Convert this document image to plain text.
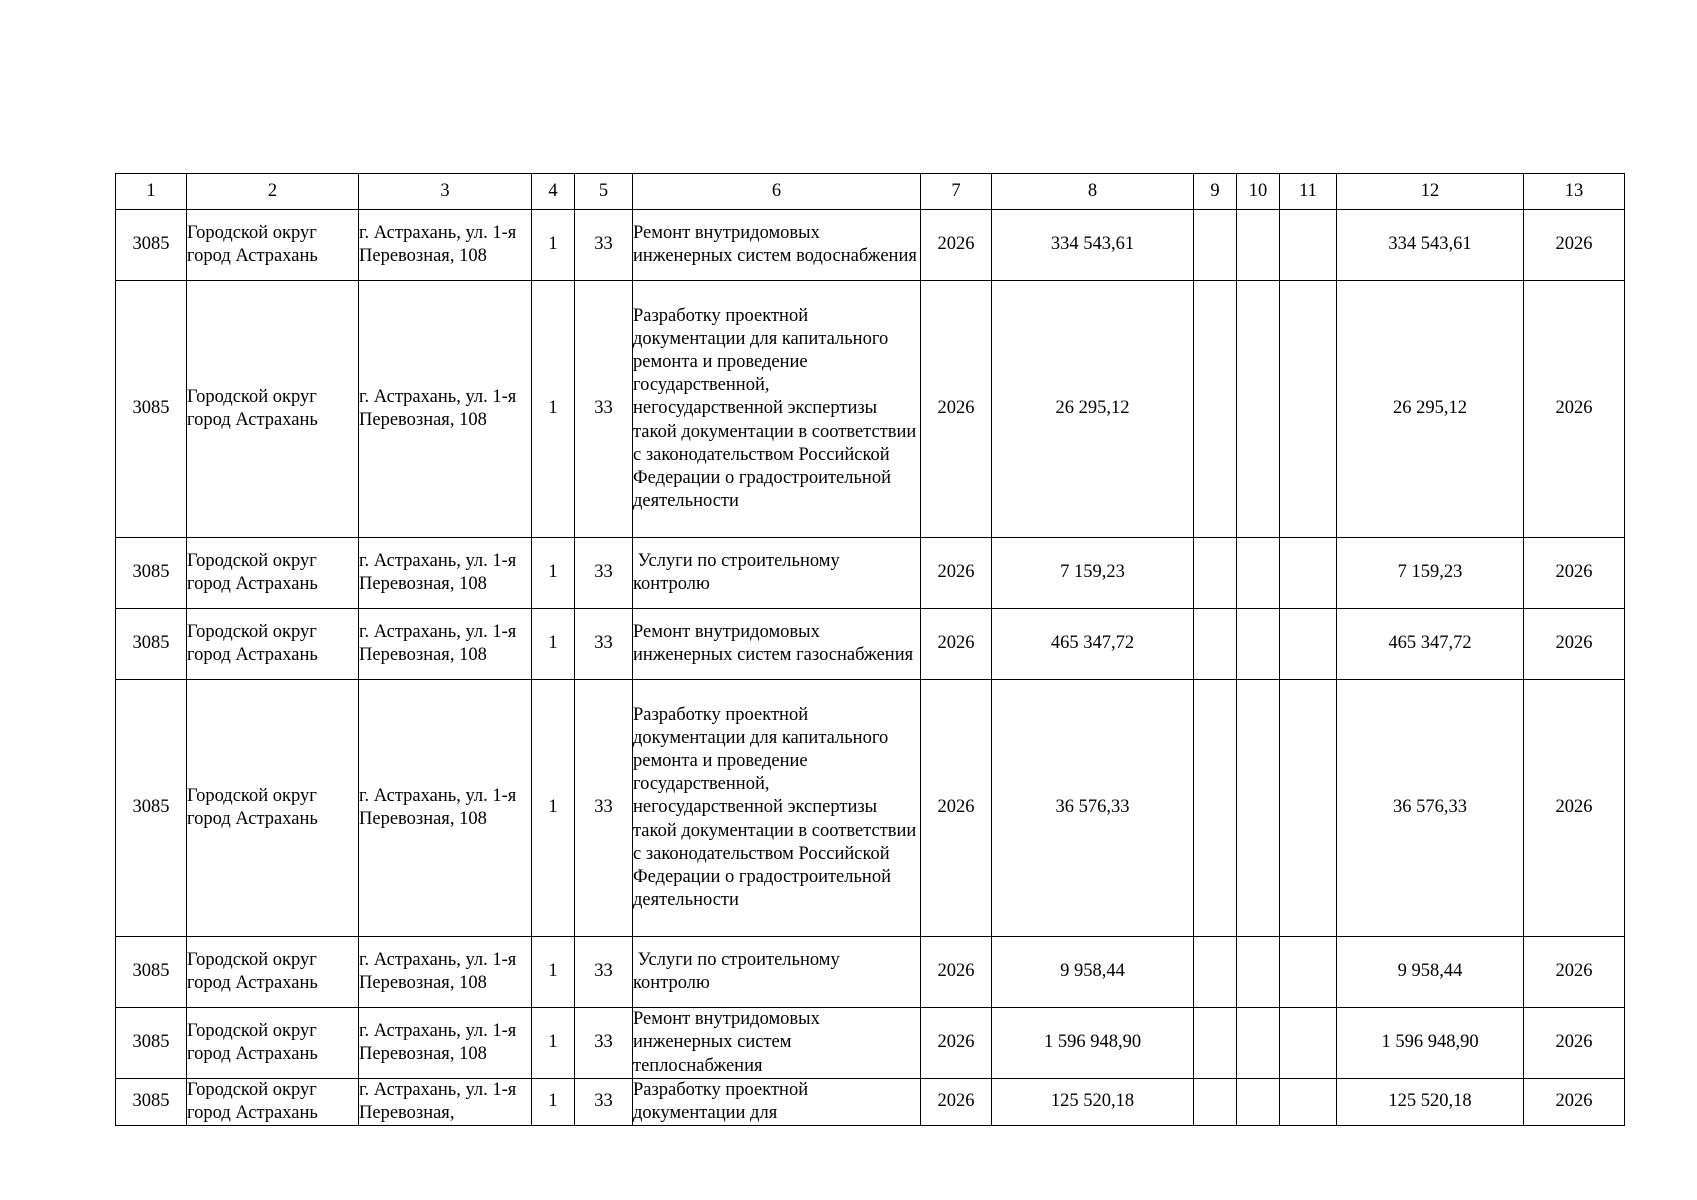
1	2	3	4	5	6	7	8	9	10	11	12	13
3085	Городской округ город Астрахань	г. Астрахань, ул. 1-я Перевозная, 108	1	33	Ремонт внутридомовых инженерных систем водоснабжения	2026	334 543,61				334 543,61	2026
3085	Городской округ город Астрахань	г. Астрахань, ул. 1-я Перевозная, 108	1	33	Разработку проектной документации для капитального ремонта и проведение государственной, негосударственной экспертизы такой документации в соответствии с законодательством Российской Федерации о градостроительной деятельности	2026	26 295,12				26 295,12	2026
3085	Городской округ город Астрахань	г. Астрахань, ул. 1-я Перевозная, 108	1	33	Услуги по строительному контролю	2026	7 159,23				7 159,23	2026
3085	Городской округ город Астрахань	г. Астрахань, ул. 1-я Перевозная, 108	1	33	Ремонт внутридомовых инженерных систем газоснабжения	2026	465 347,72				465 347,72	2026
3085	Городской округ город Астрахань	г. Астрахань, ул. 1-я Перевозная, 108	1	33	Разработку проектной документации для капитального ремонта и проведение государственной, негосударственной экспертизы такой документации в соответствии с законодательством Российской Федерации о градостроительной деятельности	2026	36 576,33				36 576,33	2026
3085	Городской округ город Астрахань	г. Астрахань, ул. 1-я Перевозная, 108	1	33	Услуги по строительному контролю	2026	9 958,44				9 958,44	2026
3085	Городской округ город Астрахань	г. Астрахань, ул. 1-я Перевозная, 108	1	33	Ремонт внутридомовых инженерных систем теплоснабжения	2026	1 596 948,90				1 596 948,90	2026
3085	Городской округ город Астрахань	г. Астрахань, ул. 1-я Перевозная,	1	33	Разработку проектной документации для	2026	125 520,18				125 520,18	2026
